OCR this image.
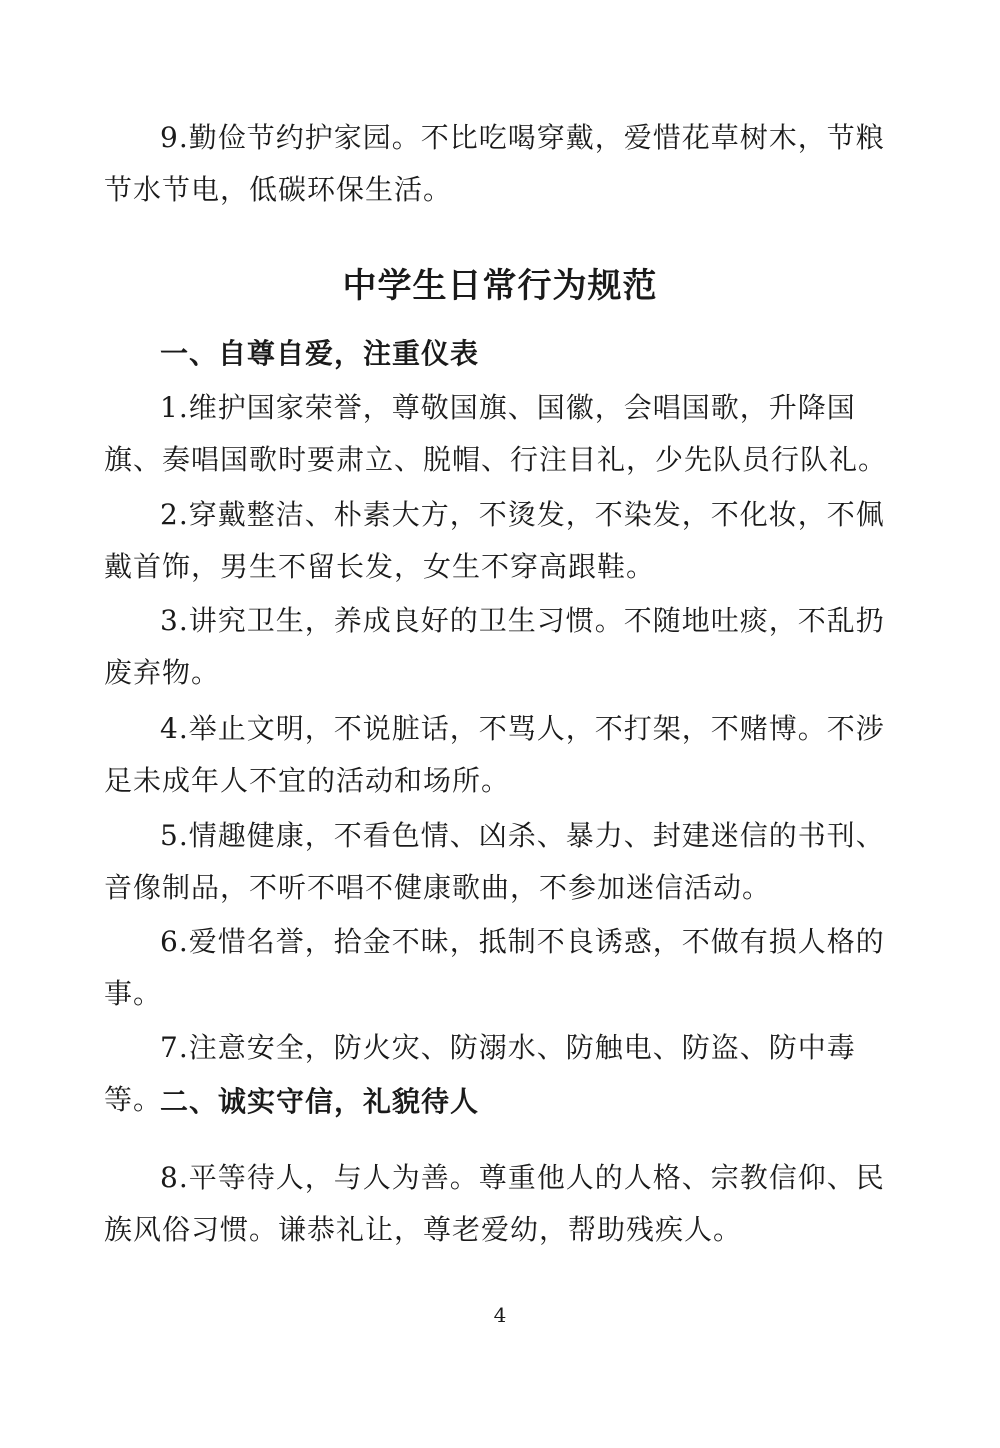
9.勤俭节约护家园。不比吃喝穿戴，爱惜花草树木，节粮节水节电，低碳环保生活。

中学生日常行为规范
一、自尊自爱，注重仪表

1.维护国家荣誉，尊敬国旗、国徽，会唱国歌，升降国旗、奏唱国歌时要肃立、脱帽、行注目礼，少先队员行队礼。

2.穿戴整洁、朴素大方，不烫发，不染发，不化妆，不佩戴首饰，男生不留长发，女生不穿高跟鞋。

3.讲究卫生，养成良好的卫生习惯。不随地吐痰，不乱扔废弃物。

4.举止文明，不说脏话，不骂人，不打架，不赌博。不涉足未成年人不宜的活动和场所。

5.情趣健康，不看色情、凶杀、暴力、封建迷信的书刊、音像制品，不听不唱不健康歌曲，不参加迷信活动。

6.爱惜名誉，拾金不昧，抵制不良诱惑，不做有损人格的事。

7.注意安全，防火灾、防溺水、防触电、防盗、防中毒等。

二、诚实守信，礼貌待人

8.平等待人，与人为善。尊重他人的人格、宗教信仰、民族风俗习惯。谦恭礼让，尊老爱幼，帮助残疾人。

4
